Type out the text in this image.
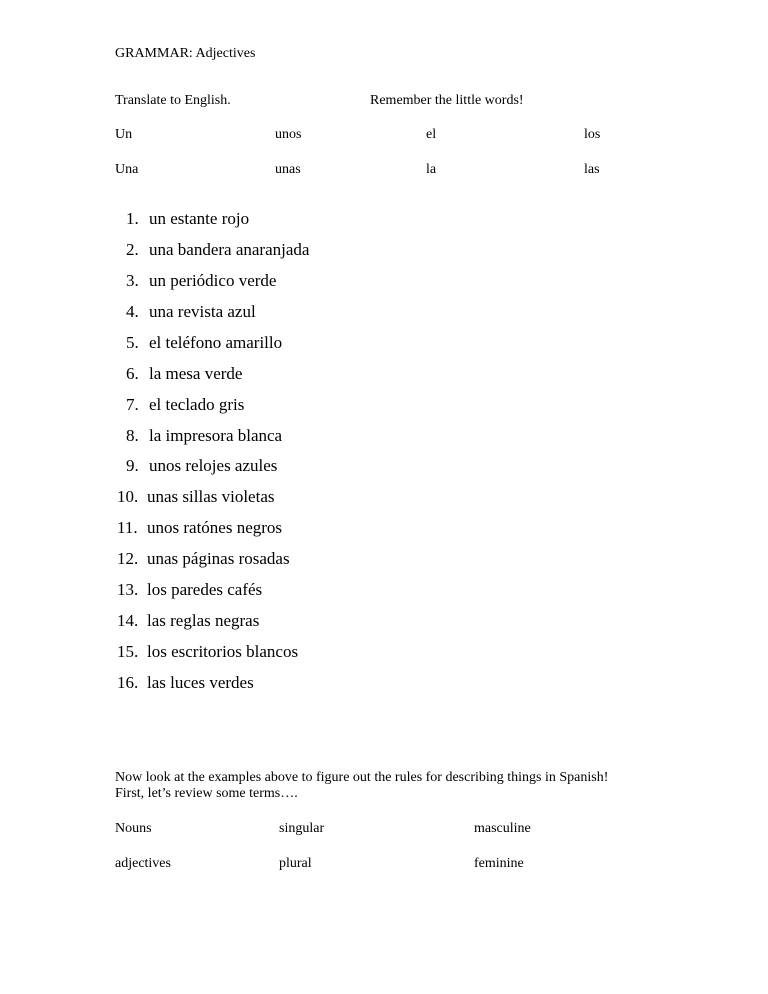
GRAMMAR: Adjectives
Translate to English.	Remember the little words!
Un	unos	el	los
Una	unas	la	las
1. un estante rojo
2. una bandera anaranjada
3. un periódico verde
4. una revista azul
5. el teléfono amarillo
6. la mesa verde
7. el teclado gris
8. la impresora blanca
9. unos relojes azules
10. unas sillas violetas
11. unos ratónes negros
12. unas páginas rosadas
13. los paredes cafés
14. las reglas negras
15. los escritorios blancos
16. las luces verdes
Now look at the examples above to figure out the rules for describing things in Spanish!
First, let’s review some terms….
Nouns	singular	masculine
adjectives	plural	feminine
